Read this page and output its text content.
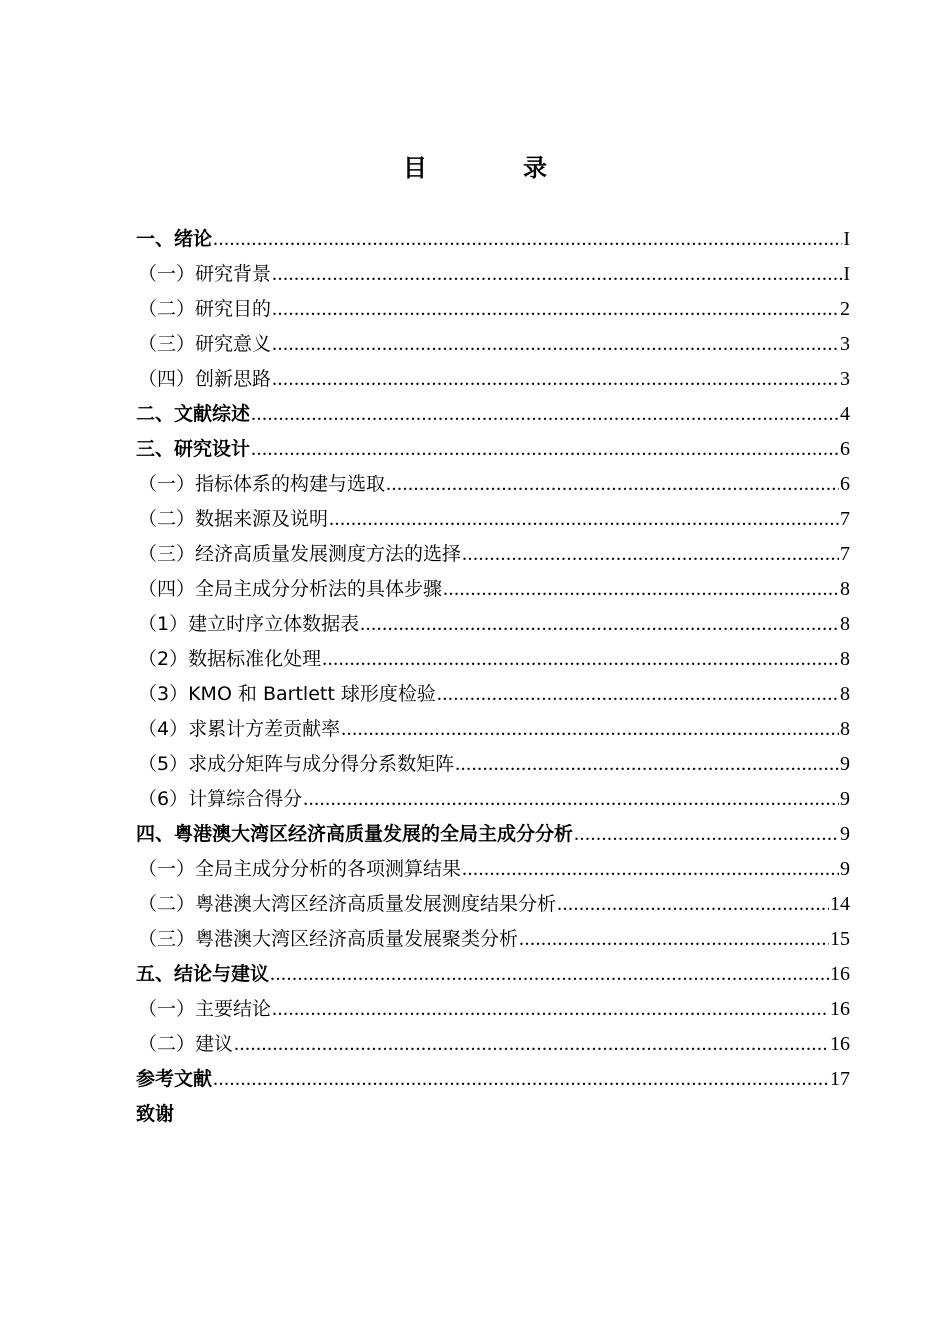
目	录
一、绪论 .....	I
（一）研究背景 .....	I
（二）研究目的 .....	2
（三）研究意义 .....	3
（四）创新思路 .....	3
二、文献综述 .....	4
三、研究设计 .....	6
（一）指标体系的构建与选取 .....	6
（二）数据来源及说明 .....	7
（三）经济高质量发展测度方法的选择 .....	7
（四）全局主成分分析法的具体步骤 .....	8
（1）建立时序立体数据表 .....	8
（2）数据标准化处理 .....	8
（3）KMO 和 Bartlett 球形度检验 .....	8
（4）求累计方差贡献率 .....	8
（5）求成分矩阵与成分得分系数矩阵 .....	9
（6）计算综合得分 .....	9
四、粤港澳大湾区经济高质量发展的全局主成分分析 .....	9
（一）全局主成分分析的各项测算结果 .....	9
（二）粤港澳大湾区经济高质量发展测度结果分析 .....	14
（三）粤港澳大湾区经济高质量发展聚类分析 .....	15
五、结论与建议 .....	16
（一）主要结论 .....	16
（二）建议 .....	16
参考文献 .....	17
致谢
